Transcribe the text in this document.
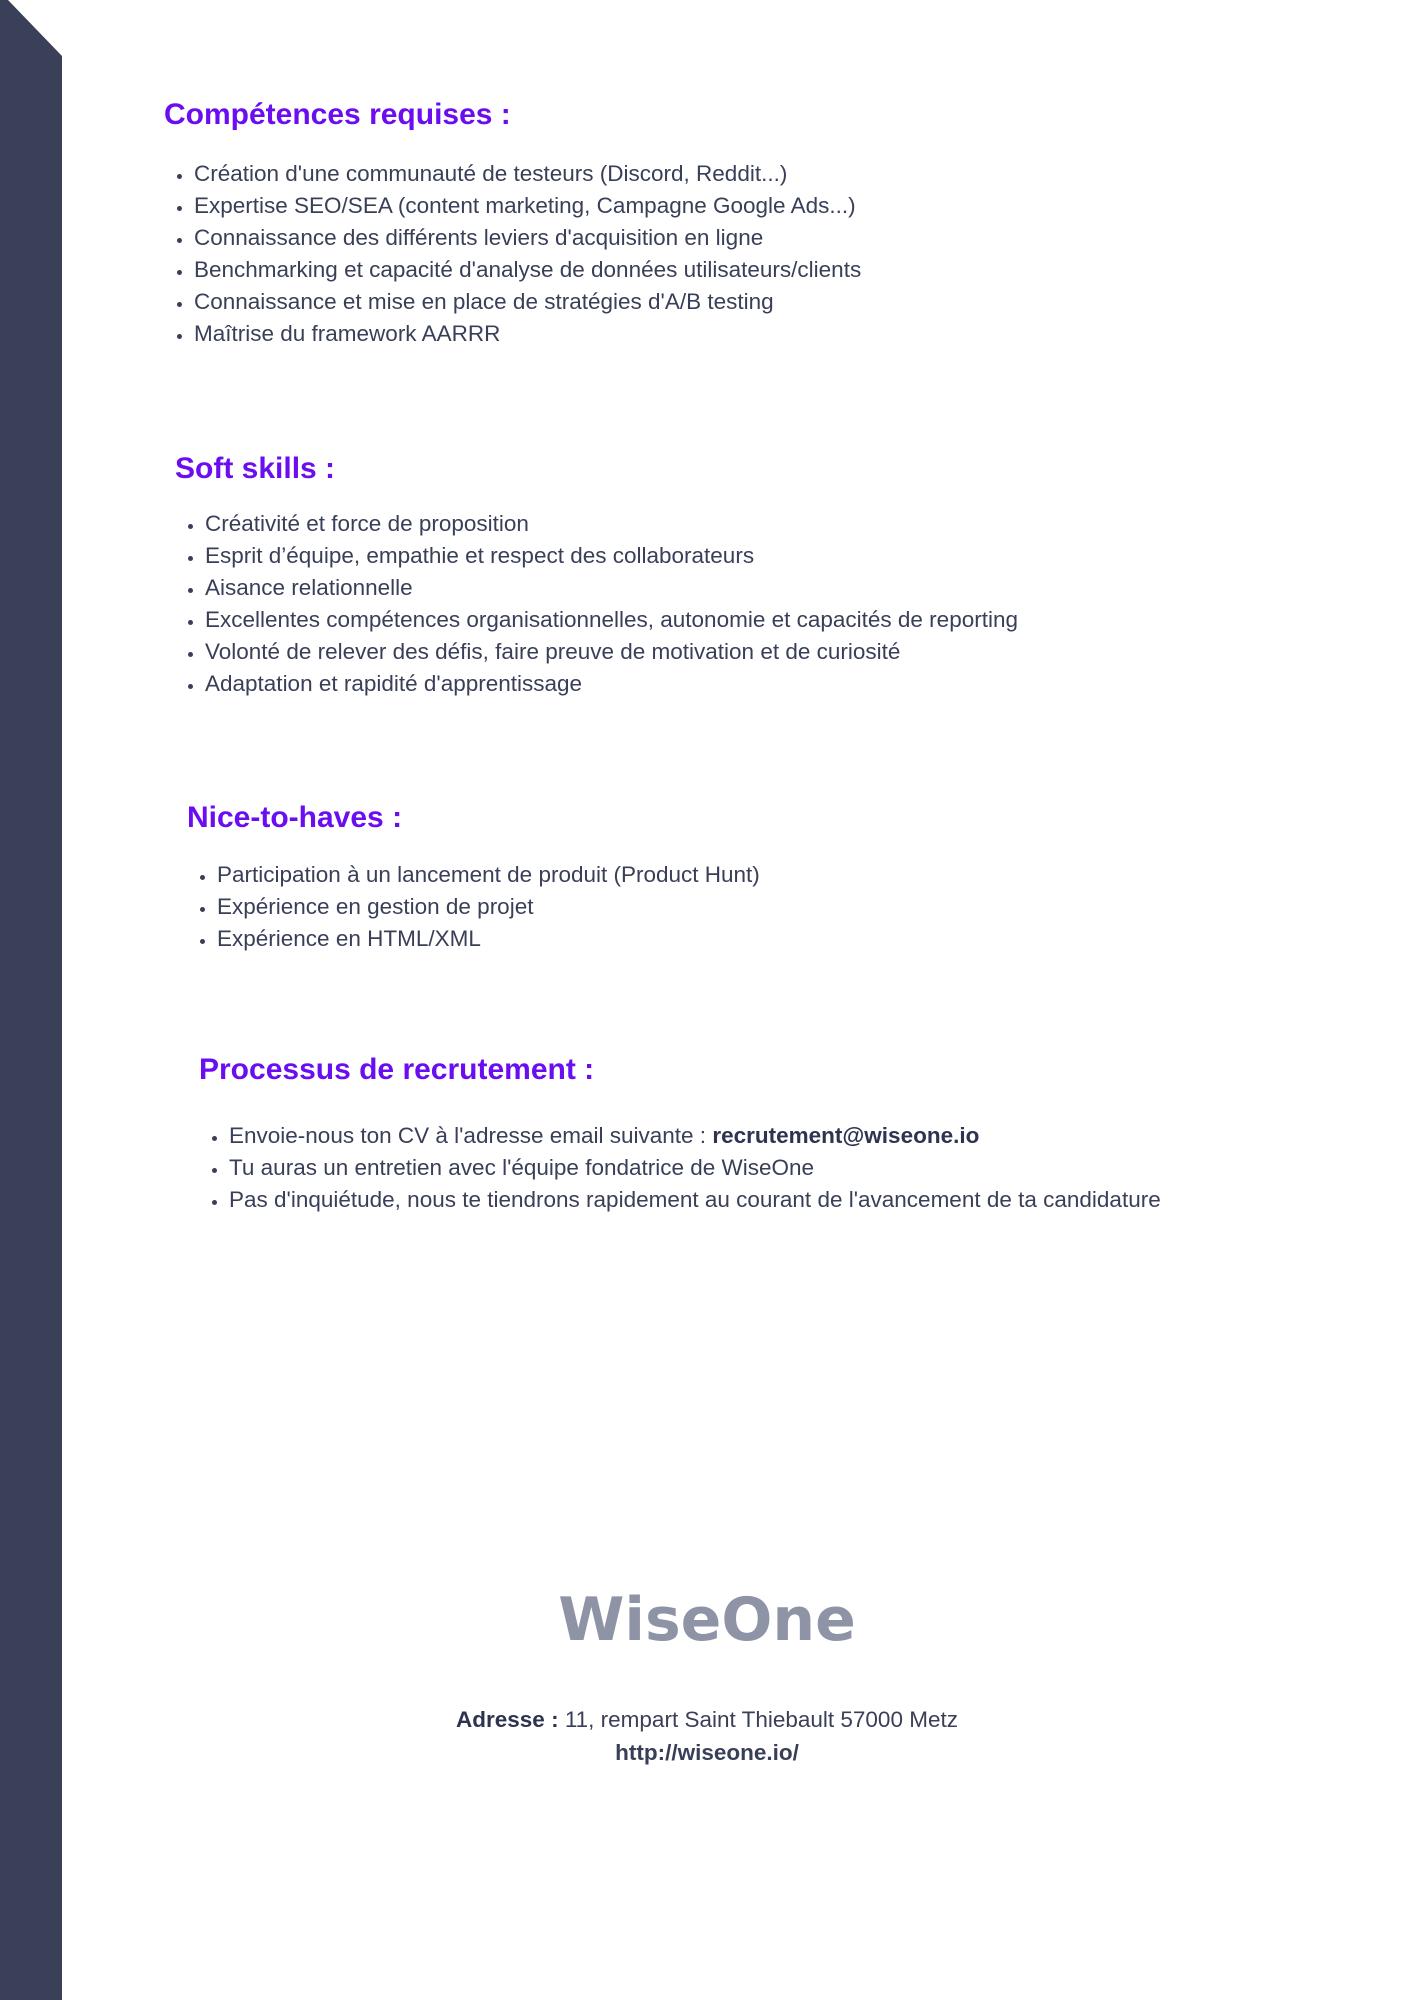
Compétences requises :
• Création d'une communauté de testeurs (Discord, Reddit...)
• Expertise SEO/SEA (content marketing, Campagne Google Ads...)
• Connaissance des différents leviers d'acquisition en ligne
• Benchmarking et capacité d'analyse de données utilisateurs/clients
• Connaissance et mise en place de stratégies d'A/B testing
• Maîtrise du framework AARRR
Soft skills :
• Créativité et force de proposition
• Esprit d’équipe, empathie et respect des collaborateurs
• Aisance relationnelle
• Excellentes compétences organisationnelles, autonomie et capacités de reporting
• Volonté de relever des défis, faire preuve de motivation et de curiosité
• Adaptation et rapidité d'apprentissage
Nice-to-haves :
• Participation à un lancement de produit (Product Hunt)
• Expérience en gestion de projet
• Expérience en HTML/XML
Processus de recrutement :
• Envoie-nous ton CV à l'adresse email suivante : recrutement@wiseone.io
• Tu auras un entretien avec l'équipe fondatrice de WiseOne
• Pas d'inquiétude, nous te tiendrons rapidement au courant de l'avancement de ta candidature
WiseOne
Adresse : 11, rempart Saint Thiebault 57000 Metz
http://wiseone.io/
